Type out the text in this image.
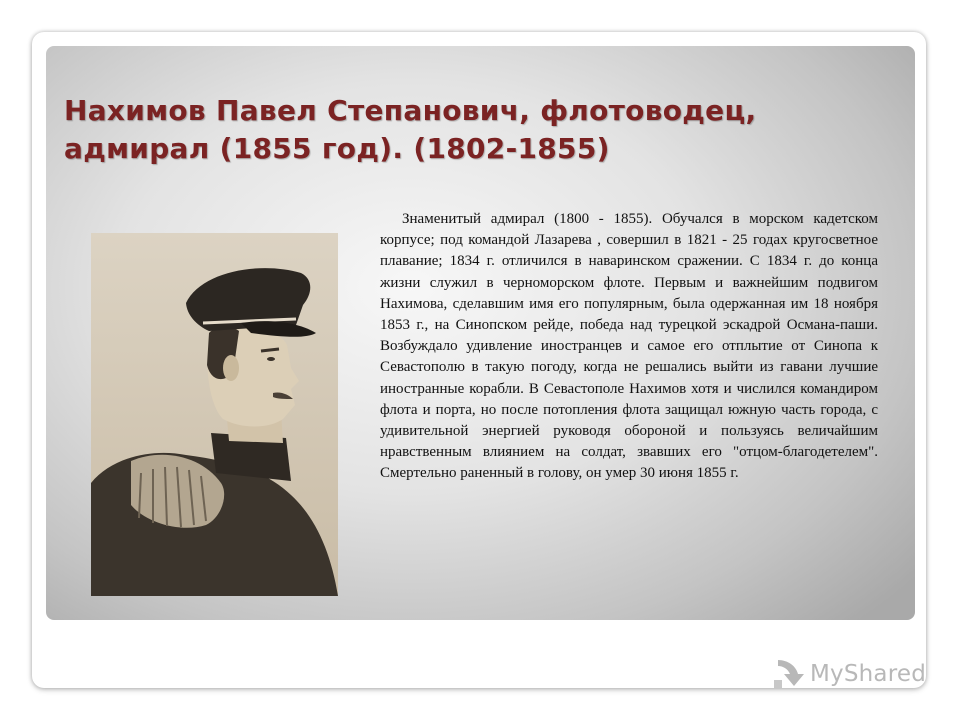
Нахимов Павел Степанович, флотоводец, адмирал (1855 год). (1802-1855)

Знаменитый адмирал (1800 - 1855). Обучался в морском кадетском корпусе; под командой Лазарева , совершил в 1821 - 25 годах кругосветное плавание; 1834 г. отличился в наваринском сражении. С 1834 г. до конца жизни служил в черноморском флоте. Первым и важнейшим подвигом Нахимова, сделавшим имя его популярным, была одержанная им 18 ноября 1853 г., на Синопском рейде, победа над турецкой эскадрой Османа-паши. Возбуждало удивление иностранцев и самое его отплытие от Синопа к Севастополю в такую погоду, когда не решались выйти из гавани лучшие иностранные корабли. В Севастополе Нахимов хотя и числился командиром флота и порта, но после потопления флота защищал южную часть города, с удивительной энергией руководя обороной и пользуясь величайшим нравственным влиянием на солдат, звавших его "отцом-благодетелем". Смертельно раненный в голову, он умер 30 июня 1855 г.

MyShared
